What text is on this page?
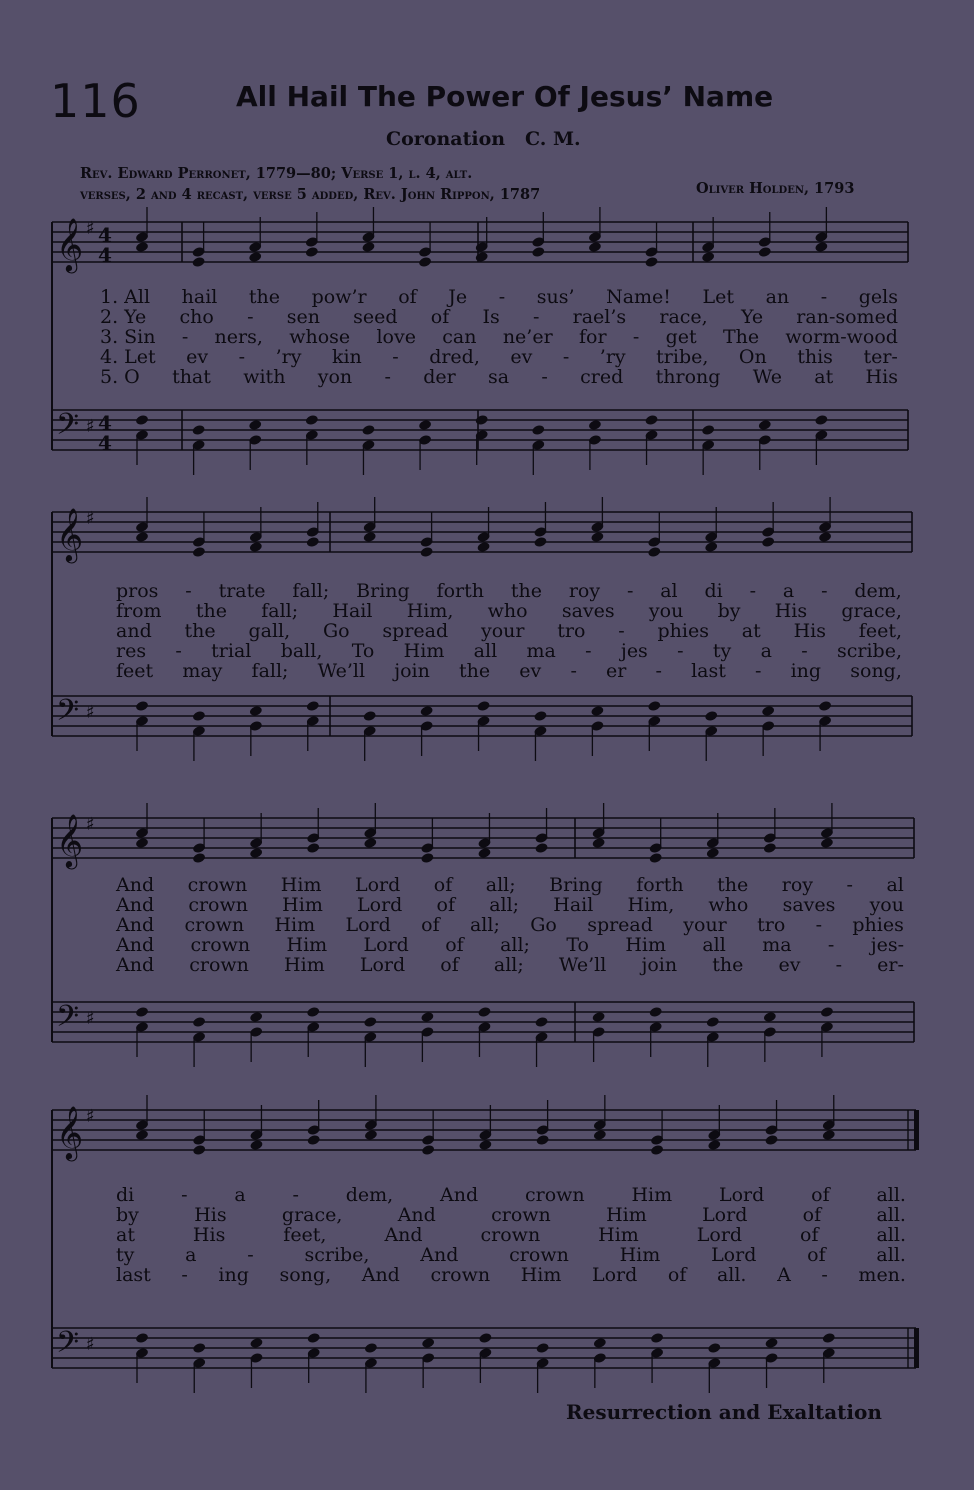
116	All Hail The Power Of Jesus’ Name
Coronation C. M.
Rev. Edward Perronet, 1779—80; Verse 1, l. 4, alt.
verses, 2 and 4 recast, verse 5 added, Rev. John Rippon, 1787	Oliver Holden, 1793
𝄞
𝄢
♯
♯
4
4
4
4
𝄞
𝄢
♯
♯
𝄞
𝄢
♯
♯
𝄞
𝄢
♯
♯
1. All hail the pow’r of Je - sus’ Name! Let an - gels
2. Ye cho - sen seed of Is - rael’s race, Ye ran-somed
3. Sin - ners, whose love can ne’er for - get The worm-wood
4. Let ev - ’ry kin - dred, ev - ’ry tribe, On this ter-
5. O that with yon - der sa - cred throng We at His
pros - trate fall; Bring forth the roy - al di - a - dem,
from the fall; Hail Him, who saves you by His grace,
and the gall, Go spread your tro - phies at His feet,
res - trial ball, To Him all ma - jes - ty a - scribe,
feet may fall; We’ll join the ev - er - last - ing song,
And crown Him Lord of all; Bring forth the roy - al
And crown Him Lord of all; Hail Him, who saves you
And crown Him Lord of all; Go spread your tro - phies
And crown Him Lord of all; To Him all ma - jes-
And crown Him Lord of all; We’ll join the ev - er-
di - a - dem, And crown Him Lord of all.
by	His	grace,	And	crown	Him	Lord	of	all.
at	His	feet,	And	crown	Him	Lord	of	all.
ty	a	-	scribe,	And	crown	Him	Lord	of	all.
last - ing song, And crown Him Lord of all. A - men.
Resurrection and Exaltation
